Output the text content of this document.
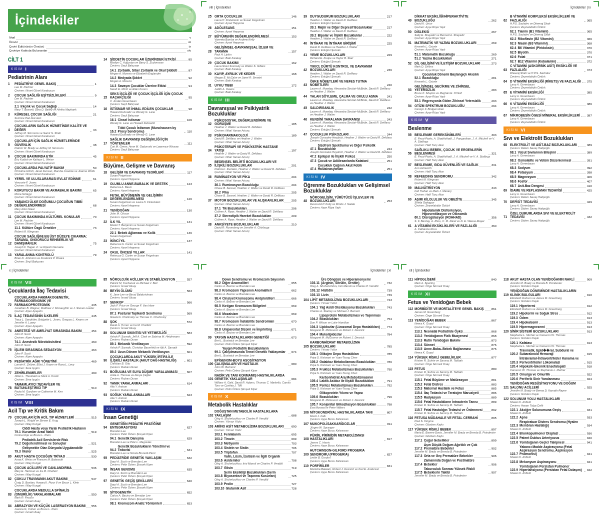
İçindekiler
İthaf	v
Önsöz	vii
Çeviri Editörünün Önsözü	ix
Çeviriye Katkıda Bulunanlar	xlv
CİLT 1
KISIM I
Pediatrinin Alanı
1 PEDİATRİYE GENEL BAKIŞ	1
Lee M. Pachter
Çeviren: Nimet Günel Karabucun
2 ÇOCUK SAĞLIĞI EŞİTSİZLİKLERİ	9
Lee M. Pachter
Çeviren: Nimet Günel Karabucun
2.1 Irkçılık ve Çocuk Sağlığı	14
Mary T. Bassett, Dina D. Bailey ve Aletha Maybank
3 KÜRESEL ÇOCUK SAĞLIĞI	21
Suzinne Pak-Gorstein
Çeviren: Nimet Günel Karabucun
4
ÇOCUKLARIN SAĞLIK HİZMETİNDE KALİTE VE DEĞER	33
Jeffrey M. Simmons ve Samir S. Shah
Çeviren: Nimet Günel Karabucun
5
ÇOCUKLAR İÇİN SAĞLIK HİZMETLERİNDE GÜVENLİK	38
Patrick W. Brady ve Jeffrey M. Simmons
Çeviren: Nimet Günel Karabucun
6 ÇOCUK BAKIMINDA ETİK	45
Eric Kodish ve Kathryn L. Weise
Çeviren: Nimet Günel Karabucun
7 ÇOCUKLARDA PALYATİF BAKIM	50
Christina Ullrich, Janet Duncan, Marsha Joselow ve Joanne Wolfe
Çeviren: Nimet Günel Karabucun
8 YEREL VE ULUSLARARASI EVLAT EDİNME 61
Veronnie F. Jones
Çeviren: Nimet Günel Karabucun
9 KORUYUCU BAKIM VE AKRABALIK BAKIMI 65
Moira Szilagyi
Çeviren: Nimet Günel Karabucun
10
YABANCI ÜLKE DOĞUMLU ÇOCUĞUN TIBBİ DEĞERLENDİRMESİ	68
Mary Allen Staat
Çeviren: Nimet Günel Karabucun
11 ÇOCUK BAKIMINDA KÜLTÜREL KONULAR 70
Lee M. Pachter
Çeviren: Nimet Günel Karabucun
11.1 Kültüre Özgü Örnekler	73
Robert M. Kliegman
12
ÇOCUK SAĞLIĞINI EN ÜST DÜZEYE ÇIKARMA: TARAMA, ÖNGÖRÜCÜ REHBERLİK VE DANIŞMANLIK	75
Joseph F. Hagan Jr. ve Dipesh Navsaria
Çeviren: Nimet Günel Karabucun
13 YARALANMA KONTROLÜ	79
Brian D. Johnston ve Frederick P. Rivara
Çeviren: Seçil Bahçıvan
14 ŞİDDETİN ÇOCUKLAR ÜZERİNDEKİ ETKİSİ 85
Marilyn C. Augustyn ve Barry S. Zuckerman
Çeviren: Seçil Bahçıvan
14.1 Zorbalık, Siber Zorbalık ve Okul Şiddeti 87
Megan A. Moreno ve Elizabeth Englander
14.2 Medyada Şiddet	92
Megan A. Moreno
14.3 Savaşın Çocuklar Üzerine Etkisi	94
Sarah E. Mintz ve Eitan Kerem
15
SEKS İŞÇİLİĞİ VE ÇOCUK İŞÇİLİĞİ İÇİN ÇOCUK KAÇAKÇILIĞI	95
V. Jordan Greenbaum
Çeviren: Seçil Bahçıvan
16 İSTİSMAR VE İHMAL EDİLEN ÇOCUKLAR 98
Howard Dubowitz ve Wendy G. Lane
Çeviren: Seçil Bahçıvan
16.1 Cinsel İstismar	106
Wendy G. Lane ve Howard Dubowitz
16.2
Tıbbi Çocuk İstismarı (Munchausen by Proxy Sendromu)	110
Howard Dubowitz ve Wendy G. Lane
17
SAĞLIK DAVRANIŞI DEĞİŞİKLİĞİ İÇİN YÖNTEMLER	111
Cori M. Green, Anne M. Gadomski ve Lawrence Wissow
Çeviren: Seçil Bahçıvan
KISIM II
Büyüme, Gelişme ve Davranış
18 GELİŞİM VE DAVRANIŞ TEORİLERİ	117
Susan Feigelman
Çeviren: Aysel Hepyena
19 OLUMLU ANNE-BABALIK VE DESTEK	123
Rebecca A. Baum
Çeviren: Aysel Hepyena
20
FETAL BÜYÜMENİN VE GELİŞİMİN DEĞERLENDİRİLMESİ	126
Susan Feigelman ve Laura N. Finkelstein
Çeviren: Aysel Hepyena
21 YENİDOĞAN	130
John M. Olsson
Çeviren: Aysel Hepyena
22 İLK YIL	131
Mariel T. Benjamin ve Susan Feigelman
Çeviren: Aysel Hepyena
22.1 Bebek Ağlaması ve Kolik	136
Susan Feigelman
23 İKİNCİ YIL	137
Rebecca G. Carter ve Susan Feigelman
Çeviren: Aysel Hepyena
24 OKUL ÖNCESİ YILLAR	141
Rebecca G. Carter ve Susan Feigelman
Çeviren: Aysel Hepyena
viii | İçindekiler
25 ORTA ÇOCUKLUK	146
Laura H. Finkelstein ve Susan Feigelman
Çeviren: Aysel Hepyena
26 ADÖLESANS	151
Çeviren: Aysel Hepyena
27 BÜYÜMENİN DEĞERLENDİRİLMESİ	153
Vaneeta Bamba ve Andrew Kelly
Çeviren: Aysel Hepyena
28
GELİŞİMSEL-DAVRANIŞSAL İZLEM VE TARAMA	157
Paul H. Lipkin
Çeviren: Baki Karatay
29 ÇOCUK BAKIMI	162
Laura Stout Sosinsky ve Walter S. Gilliam
Çeviren: Baki Karatay
30 KAYIP, AYRILIK VE KEDER	168
Megan E. McCabe ve Janet R. Serwint
Çeviren: Baki Karatay
31 UYKU TIBBI	172
Judith A. Owens
Çeviren: Baki Karatay
KISIM III
Davranışsal ve Psikiyatrik Bozukluklar
32
PSİKOSOSYAL DEĞERLENDİRME VE GÖRÜŞME	185
Heather J. Walter ve David R. DeMaso
Çeviren: Nihal Yaman Artunç
33 PSİKOFARMAKOLOJİ	189
David R. DeMaso ve Heather J. Walter
Çeviren: Nihal Yaman Artunç
34
PSİKOTERAPİ VE PSİKİYATRİK HASTANE YATIŞI	197
Heather J. Walter ve David R. DeMaso
Çeviren: Nihal Yaman Artunç
35
BEDENSEL BELİRTİ BOZUKLUKLARI VE İLİŞKİLİ BOZUKLUKLAR	201
Patricia I. Ibeziako, Heather J. Walter ve David R. DeMaso
Çeviren: Nihal Yaman Artunç
36 RUMİNASYON VE PİKA	204
Çeviren: Nihal Yaman Artunç
36.1 Ruminasyon Bozukluğu	204
Chase B. Samsel, Heather J. Walter ve David R. DeMaso
36.2 Pika	205
Chase B. Samsel, Heather J. Walter ve David R. DeMaso
37 MOTOR BOZUKLUKLAR VE ALIŞKANLIKLAR 205
Çeviren: Nihal Yaman Artunç
37.1 Tik Bozuklukları	206
Colleen A. Ryan, Heather J. Walter ve David R. DeMaso
37.2 Stereotipik Hareket Bozuklukları	209
Colleen A. Ryan, Heather J. Walter ve David R. DeMaso
38 ANKSİYETE BOZUKLUKLARI	210
David R. Rosenberg ve Jennifer A. Chiriboga
Çeviren: Nihal Yaman Artunç
39 DUYGUDURUM BOZUKLUKLARI	217
Heather J. Walter ve David R. DeMaso
Çeviren: Ertuğrul Şencak
39.1 Majör ve Diğer Depresif Bozukluklar 217
Heather J. Walter ve David R. DeMaso
39.2 Bipolar ve İlişkili Bozukluklar	222
Heather J. Walter ve David R. DeMaso
40 İNTİHAR VE İNTİHAR GİRİŞİMİ	225
David R. DeMaso ve Heather J. Walter
Çeviren: Ertuğrul Şencak
41 YEME BOZUKLUKLARI	229
Richard E. Kreipe ve Taylor B. Starr
Çeviren: Ertuğrul Şencak
42
YIKICI, DÜRTÜ KONTROL VE DAVRANIM BOZUKLUKLARI	236
Heather J. Walter ve David R. DeMaso
Çeviren: Ertuğrul Şencak
43
ÖFKE NÖBETLERİ VE NEFES TUTMA NÖBETLERİ	240
Lauren A. Mowday, Alexandra Sinclair-McBride, David R. DeMaso ve Heather J. Walter
44 YALAN SÖYLEME, ÇALMA VE OKULU ASMA 241
Lauren A. Mowday, Alexandra Sinclair-McBride, David R. DeMaso ve Heather J. Walter
45 SALDIRGANLIK	242
Lauren A. Mowday, Alexandra Sinclair-McBride, David R. DeMaso ve Heather J. Walter
46 KENDİNİ YARALAMA DAVRANIŞI	243
Lauren A. Mowday, Alexandra Sinclair-McBride, David R. DeMaso ve Heather J. Walter
Çeviren: Ertuğrul Şencak
47 ÇOCUKLUK PSİKOZLARI	244
Joseph Gonzalez-Heydrich, Heather J. Walter ve David R. DeMaso
Çeviren: Ertuğrul Şencak
47.1
Şizofreni Spektrumu ve Diğer Psikotik Bozukluklar	244
Joseph Gonzalez-Heydrich, Heather J. Walter ve David R. DeMaso
47.2 Epilepsi ile İlişkili Psikoz	250
47.3 Çocuk ve Adölesanlarda Katatoni	251
47.4
Çocukluk Çağının Akut Fobik Halüsinasyonları	251
KISIM IV
Öğrenme Bozuklukları ve Gelişimsel Bozukluklar
48
NÖROGELİŞİM, YÜRÜTÜCÜ İŞLEVLER VE BOZUKLUKLARI	253
Desmond P. Kelly ve Mindo J. Natale
Çeviren: Ayşe Rüya Yaylı
İçindekiler | ix
49
DİKKAT EKSİKLİĞİ/HİPERAKTİVİTE BOZUKLUĞU	262
David K. Urion
Çeviren: Ayşe Rüya Yaylı
50 DİSLEKSİ	267
Sally E. Shaywitz ve Bennett A. Shaywitz
Çeviren: Ayşe Rüya Yaylı
51 MATEMATİK VE YAZMA BOZUKLUKLARI 269
Kenneth L. Grizzle
Çeviren: Ayşe Rüya Yaylı
51.1 Matematik Bozukluğu	269
51.2 Yazma Bozuklukları	271
52 DİL GELİŞİMİ VE İLETİŞİM BOZUKLUKLARI 273
Mark D. Simms
Çeviren: Ayşe Rüya Yaylı
52.1
Çocukluk Dönemi Başlangıçlı Akıcılık Bozukluğu	281
Kenneth L. Grizzle
53
GELİŞİMSEL GECİKME VE ZİHİNSEL YETERSİZLİK	283
Bruce K. Shapiro ve Meghan E. O'Neill
Çeviren: Ayşe Rüya Yaylı
53.1 Regresyonla Giden Zihinsel Yetersizlik 293
54 OTİZM SPEKTRUM BOZUKLUĞU	294
Carolyn F. Bridgemohan
Çeviren: Ayşe Rüya Yaylı
KISIM V
Beslenme
55 BESLENME GEREKSİNİMLERİ	303
E. Prout-Parks, A. Shaikhkhalil, J. Panganiban, J. A. Mitchell ve V. A. Stallings
Çeviren: Halil Tunç Akar
56
SAĞLIKLI BEBEK, ÇOCUK VE ERGENLERİN BESLENMESİ	321
E. Prout-Parks, A. Shaikhkhalil, J. A. Mitchell ve V. A. Stallings
Çeviren: Halil Tunç Akar
57 BESLENME, GIDA GÜVENLİĞİ VE SAĞLIK 331
Ann Ashworth
Çeviren: Halil Tunç Akar
58 REFEEDING SENDROMU	342
Robert M. Kliegman
Çeviren: Halil Tunç Akar
59 MALNÜTRİSYON	343
Indi Trehan ve Mark J. Manary
Çeviren: Halil Tunç Akar
60 AŞIRI KİLOLULUK VE OBEZİTE	345
Sheila Gahagan
Çeviren: Zeynelabidin Öztürk
60.1
Hipotalamik Disfonksiyon, Hipoventilasyon ve Otonomik Disregülasyon (ROHHAD)	356
S. F. Barclay, A. Zhou, C. M. Rand ve D. E. Weese-Mayer
61 A VİTAMİNİ EKSİKLİKLERİ VE FAZLALIĞI 360
A. Catharine Ross
Çeviren: Zeynelabidin Öztürk
62
B VİTAMİNİ KOMPLEKSİ EKSİKLİKLERİ VE FAZLALIĞI	365
H.P.S. Sachdev ve Dheeraj Shah
Çeviren: Zeynelabidin Öztürk
62.1 Tiamin (B1 Vitamini)	365
H.P.S. Sachdev ve Dheeraj Shah
62.2 Riboflavin (B2 Vitamini)	366
62.3 Niasin (B3 Vitamini)	368
62.4 B6 Vitamini (Piridoksin)	370
62.5 Biyotin	370
62.6 Folat	371
62.7 B12 Vitamini (Kobalamin)	372
63
C VİTAMİNİ (ASKORBİK ASİT) EKSİKLİĞİ VE FAZLALIĞI	373
Dheeraj Shah ve H.P.S. Sachdev
Çeviren: Zeynelabidin Öztürk
64 D VİTAMİNİ EKSİKLİĞİ (RİKETS) VE FAZLALIĞI 375
Larry A. Greenbaum
Çeviren: Zeynelabidin Öztürk
65 E VİTAMİNİ EKSİKLİĞİ	385
Larry A. Greenbaum
Çeviren: Zeynelabidin Öztürk
66 K VİTAMİNİ EKSİKLİĞİ	386
Larry A. Greenbaum
Çeviren: Zeynelabidin Öztürk
67 MİKROBESİN ÖGESİ MİNERAL EKSİKLİKLERİ 387
Larry A. Greenbaum
Çeviren: Zeynelabidin Öztürk
KISIM VI
Sıvı ve Elektrolit Bozuklukları
68 ELEKTROLİT VE ASİT-BAZ BOZUKLUKLARI 389
Çeviren: Didem Savaş Hatipoğlu
68.1 Vücut Sıvılarının Bileşimi	389
Larry A. Greenbaum
68.2 Osmolalite ve Volüm Düzenlenmesi	391
Larry A. Greenbaum
68.3 Sodyum	392
68.4 Potasyum	398
68.5 Magnezyum	406
68.6 Fosfor	407
68.7 Asit-Baz Dengesi	410
69 İDAME VE REPLASMAN TEDAVİSİ	425
Larry A. Greenbaum
Çeviren: Didem Savaş Hatipoğlu
70 DEFİSİT TEDAVİSİ	429
Larry A. Greenbaum
Çeviren: Didem Savaş Hatipoğlu
71
ÖZEL DURUMLARDA SIVI VE ELEKTROLİT TEDAVİSİ	432
Çeviren: Didem Savaş Hatipoğlu
x | İçindekiler
KISIM VII
Çocuklarda İlaç Tedavisi
72
ÇOCUKLARDA FARMAKOGENETİK, FARMAKOGENOMİK VE FARMAKOPROTEOMİK	435
Jonathan B. Wagner, Matthew J. McLaughlin ve J. Steven Leeder
Çeviren: Alper Apaydın
73 İLAÇ TEDAVİSİNİN İLKELERİ	445
Tracy L. Sandritter, Bridgette L. Jones, Gregory L. Kearns ve Jennifer A. Lowry
Çeviren: Alper Apaydın
74 ANESTEZİ VE AMELİYAT SIRASINDA BAKIM 454
John P. Scott
Çeviren: Alper Apaydın
74.1 Anestezik Nörotoksisitesi	460
John P. Scott
75 İŞLEM SIRASINDA SEDASYON	463
John P. Scott
Çeviren: Alper Apaydın
76 PEDİATRİK AĞRI YÖNETİMİ	469
Lonnie K. Zeltzer, Elliot J. Krane ve Rona L. Levy
Çeviren: Sera Işıgün
77 ZEHİRLENMELER	490
Jillian L. Theobald ve Mark A. Kostic
Çeviren: Sera Işıgün
78
TAMAMLAYICI TEDAVİLER VE BÜTÜNLEŞTİRİCİ TIP	510
Paula M. Gardiner ve Catherine M. Kerr
Çeviren: Sera Işıgün
KISIM VIII
Acil Tıp ve Kritik Bakım
79 ÇOCUKLAR İÇİN ACİL TIP HİZMETLERİ	515
Joseph L. Wright ve Steven E. Krug
Çeviren: Nilay Kuzgal
79.1
Ciddi Hasta veya Yaralı Pediatrik Hastanın Kurumlar Arası Nakli	519
Corina Noje ve Bruce L. Klein
79.2
Pediatrik Acil Servislerde Risk Değerlendirmesi ve Sonuçlar	521
79.3
Gelişmekte Olan Dünyada Uygulanabilir İlkeler	525
80 AKUT HASTA ÇOCUĞUN TRİYAJI	530
Anna K. Weiss ve Frances M. Balamuth
Çeviren: Nilay Kuzgal
81 ÇOCUK ACİLLERİ VE CANLANDIRMA	536
Mary E. Hartman ve Ira M. Cheifetz
Çeviren: Nilay Kuzgal
82 ÇOKLU TRAVMANIN AKUT BAKIMI	547
Craig D. Bastian, Howard I. Pryor II ve Bruce L. Klein
Çeviren: Nilay Kuzgal
83
ÇOCUKLARDA MEDULLA SPİNALİS (OMURİLİK) YARALANMALARI	550
Mark R. Proctor
Çeviren: İsmail Uluay
84 ABRAZYON VE KÜÇÜK LASERASYON BAKIMI 556
Joanna G. Cohen ve Bruce L. Klein
Çeviren: İsmail Uluay
85 NÖROLOJİK ACİLLER VE STABİLİZASYON 557
Patrick M. Kochanek ve Michael J. Bell
Çeviren: İsmail Uluay
86 BEYİN ÖLÜMÜ	563
K. Jane Lee ve Binod Balakrishnan
Çeviren: İsmail Uluay
87 SENKOP	566
Jack F. Price ve George F. Van Hare
Çeviren: İsmail Uluay
87.1 Postural Taşikardi Sendromu	569
Gisela G. Chelimsky ve Thomas C. Chelimsky
88 ŞOK	572
David A. Turner ve Ira M. Cheifetz
Çeviren: İsmail Uluay
89 SOLUNUM SIKINTISI VE YETMEZLİĞİ	583
Ashok P. Sarnaik, Jeff A. Clark ve Sabrina M. Heidemann
Çeviren: Rıdvan Duran
89.1 Mekanik Ventilasyon	592
Ashok P. Sarnaik, Christian Bauerfeld ve Ajit A. Sarnaik
89.2 Uzun Dönem Mekanik Ventilasyon	601
90
ÇOCUKLARDA AKUT YÜKSEK İRTİFA İLE İLİŞKİLİ HASTALIK (AKUT DAĞ HASTALIĞI)	601
Christian B. Otto
Çeviren: Rıdvan Duran
91 BOĞULMA VE SUYA DÜŞME YARALANMASI 607
Anita A. Thomas ve Derya Çağlar
Çeviren: Rıdvan Duran
92 YANIK YARALANMALARI	614
Alia Y. Antoon
Çeviren: Rıdvan Duran
93 SOĞUK YARALANMALARI	623
Alia Y. Antoon
Çeviren: Rıdvan Duran
KISIM IX
İnsan Genetiği
94
GENETİĞİN PEDİATRİ PRATİĞİNE ENTEGRASYONU	627
Brendan Lee
Çeviren: Pelin Özlem Şimşek Kiper
94.1 Genetik Danışma	629
Brendan Lee ve Pilar L. Magoulas
94.2
Genetik Bozuklukların Yönetimi ve Tedavisi	631
Brendan Lee ve Nicola Brunetti-Pierri
95 PEDİATRİDE GENETİK YAKLAŞIM	632
Daryl A. Scott ve Brendan Lee
Çeviren: Pelin Özlem Şimşek Kiper
96 İNSAN GENOMU	635
Daryl A. Scott ve Brendan Lee
Çeviren: Pelin Özlem Şimşek Kiper
97 GENETİK GEÇİŞ ŞEKİLLERİ	640
Daryl A. Scott ve Brendan Lee
Çeviren: Pelin Özlem Şimşek Kiper
98 SİTOGENETİK	652
Carlos A. Bacino ve Brendan Lee
Çeviren: Pelin Özlem Şimşek Kiper
98.1 Kromozom Analiz Yöntemleri	653
İçindekiler | xi
98.2
Down Sendromu ve Kromozom Sayısının Diğer Anomalileri	655
Carlos A. Bacino ve Brendan Lee
98.3 Kromozom Yapısının Anomalileri	662
Carlos A. Bacino ve Brendan Lee
98.4 Cinsiyet Kromozomu Anöploidileri	666
Carlos A. Bacino ve Brendan Lee
98.5 Kırılgan Kromozom Bölgeleri	669
Carlos A. Bacino ve Brendan Lee
98.6 Mozaisizm	669
Carlos A. Bacino ve Brendan Lee
98.7 Kromozom İnstabilite Sendromları	670
Carlos A. Bacino ve Brendan Lee
98.8 Uniparental Dizomi ve İmprinting	671
Carlos A. Bacino ve Brendan Lee
99 YAYGIN HASTALIKLARIN GENETİĞİ	673
Bret L. Bostwick ve Brendan Lee
Çeviren: Pelin Özlem Şimşek Kiper
99.1
Yaygın Pediatrik Bozuklukların Çalışılmasında Temel Genetik Yaklaşımlar 674
Bret L. Bostwick ve Brendan Lee
100
EPİGENOM-BOYU ASOSİYASYON ÇALIŞMALARI VE HASTALIK	680
John W. Belmont
Çeviren: Pelin Özlem Şimşek Kiper
101
NADİR VE TANI KONMAMIŞ HASTALIKLARDA GENETİK YAKLAŞIMLAR	684
William A. Gahl, David R. Adams, Thomas C. Markello, Camilo Toro ve Cynthia J. Tifft
Çeviren: Pelin Özlem Şimşek Kiper
KISIM X
Metabolik Hastalıklar
102
DOĞUŞTAN METABOLİK HASTALIKLARA YAKLAŞIM	688
Oleg A. Shchelochkov ve Charles P. Venditti
Çeviren: Yılmaz Yıldız
103 AMİNO ASİT METABOLİZMA BOZUKLUKLARI 690
Çeviren: Yılmaz Yıldız
103.1 Fenilalanin	695
103.2 Tirozin	699
103.3 Metiyonin	703
103.4 Sistein ve Sistin	706
103.5 Triptofan	707
103.6
Valin, Lösin, İzolösin ve İlgili Organik Asidemiler	708
Oleg A. Shchelochkov, Irini Manoli ve Charles P. Venditti
103.7 Glisin	719
103.8
Serin Eksikliği Bozuklukları (Serin Biyosentezi ve Taşınma Kusurları)	725
Oleg A. Shchelochkov ve Charles P. Venditti
103.9 Prolin	727
103.10 Glutamik Asit	728
103.11
Üre Döngüsü ve Hiperamonyemi (Arginin, Sitrülin, Ornitin)	732
Oleg A. Shchelochkov, Irini Manoli ve Charles P. Venditti
103.12 Histidin	739
103.13 Lizin	739
104 LİPİT METABOLİZMA BOZUKLUKLARI	743
Çeviren: Yılmaz Yıldız
104.1 Yağ Asidi Oksidasyonu Bozuklukları 743
Charles A. Stanley ve Michael J. Bennett
104.2
Lipoprotein Metabolizması ve Taşınması Bozuklukları	754
Don P. Wilson ve Luke Hamilton
104.3 Lipidozlar (Lizozomal Depo Hastalıkları) 774
Margaret M. McGovern ve Robert J. Desnick
104.4 Mukolipidozlar	784
Margaret M. McGovern ve Robert J. Desnick
105
KARBONHİDRAT METABOLİZMA BOZUKLUKLARI	785
Çeviren: Yılmaz Yıldız
105.1 Glikojen Depo Hastalıkları	785
Priya S. Kishnani ve Yuan-Tsong Chen
105.2 Galaktoz Metabolizması Bozuklukları 786
Priya S. Kishnani ve Yuan-Tsong Chen
105.3 Fruktoz Metabolizması Bozuklukları 790
Priya S. Kishnani ve Yuan-Tsong Chen
105.4
Karbonhidrat Ara Metabolizmasının Laktik Asidoz ile İlişkili Bozuklukları	791
105.5 Pentoz Metabolizması Bozuklukları 792
Priya S. Kishnani ve Yuan-Tsong Chen
105.6
Glikoprotein Yıkımı ve Yapısı Bozuklukları	796
Margaret M. McGovern ve Robert J. Desnick
105.7 Konjenital Glikozilasyon Bozuklukları 798
Eva Morava ve Peter Witters
106 MİTOKONDRİYAL HASTALIKLARDA TANI 807
Marni J. Falk
Çeviren: Ayşe Burcu Kahraman
107 MUKOPOLİSAKKARİDOZLAR	811
Jürgen W. Spranger
Çeviren: Ayşe Burcu Kahraman
108
PÜRİN, PİRİMİDİN METABOLİZMASI HASTALIKLARI	817
James C. Harris
Çeviren: Ayşe Burcu Kahraman
109
HUTCHINSON-GILFORD PROGERIA SENDROMU (PROGERIA)	827
Leslie B. Gordon
Çeviren: Ayşe Burcu Kahraman
110 PORFİRİLER	831
Manisha Balwani, Robert J. Desnick ve Karl E. Anderson
Çeviren: Ayşe Burcu Kahraman
xii | İçindekiler
111 HİPOGLİSEMİ	840
Mark A. Sperling
Çeviren: Özge Sürmeli Onay
KISIM XI
Fetus ve Yenidoğan Bebek
112 MORBİDİTE VE MORTALİTEYE GENEL BAKIŞ 861
James M. Greenberg
Çeviren: Özge Sürmeli Onay
113 YENİDOĞAN BEBEK	867
Neera K. Goyal
Çeviren: Özge Sürmeli Onay
113.1 Neonatal Pediatride Öykü	868
113.2 Yenidoğanın Fizik Muayenesi	868
113.3 Rutin Yenidoğan Bakımı	873
113.4 Sünnet	876
113.5 Anne-Baba–Bebek Bağlanması	876
Neera K. Goyal
114 YÜKSEK RİSKLİ GEBELİKLER	877
Kristen R. Suhrie ve Sammy M. Tabbah
Çeviren: Özge Sürmeli Onay
115 FETUS	880
Kristen R. Suhrie ve Sammy M. Tabbah
Çeviren: Özge Sürmeli Onay
115.1 Fetal Büyüme ve Matürasyon	881
115.2 Fetal Distres	883
115.3 Maternal Hastalık ve Fetus	885
115.4 İlaç Tedavisi ve Teratojen Maruziyeti 886
115.5 Radyasyon	889
115.6 Fetal Hastalıkların İntrauterin Tanısı 889
Kristen R. Suhrie ve Sammy M. Tabbah
115.7 Fetal Hastalığın Tedavisi ve Önlenmesi 892
Kristen R. Suhrie ve Sammy M. Tabbah
116 FETUSA MÜDAHALE VE FETAL CERRAHİ 895
Paul S. Kingma
Çeviren: Gözdem Kaykı
117 YÜKSEK RİSKLİ BEBEK	897
Maria E. Barnes-Davis, Jennifer M. Brady ve Brenda B. Poindexter
Çeviren: Gözdem Kaykı
117.1 Çoğul Gebelikler	899
117.2
Aşırı Düşük Doğum Ağırlıklı ve Çok Prematüre Bebekler	902
Jennifer M. Brady ve Brenda B. Poindexter
117.3 Orta ve Geç Prematüre Bebekler	906
117.4
Zamanında Doğan ve Postmatüre Bebekler	906
117.5
Taburculuk Sonrası Yüksek Riskli Bebeklerin Takibi	907
Jennifer M. Brady ve Brenda B. Poindexter
118 AKUT HASTA OLAN YENİDOĞANIN NAKLİ 909
Jennifer M. Brady ve Brenda B. Poindexter
Çeviren: Gözdem Kaykı
119
YENİDOĞAN DÖNEMİNDE HASTALIKLARIN KLİNİK BULGULARI	910
Elizabeth Dobson ve James M. Greenberg
Çeviren: Gözdem Kaykı
119.1 Hipertermi	912
Elizabeth Dobson ve James M. Greenberg
119.2 Hipotermi ve Soğuk Stres	912
119.3 Ödem	913
119.4 Hipokalsemi	913
119.5 Hipermagnezemi	913
120 SİNİR SİSTEMİ BOZUKLUKLARI	913
Stephanie L. Merhar ve Cameron W. Thomas
Çeviren: Gözdem Kaykı
120.1 Kafatası	913
Stephanie L. Merhar ve Cameron W. Thomas
120.2
Travmatik, Epid��ral, Subdural ve Subaraknoid Hemoraji	915
120.3
İntrakranial-İntraventriküler Kanama ve Periventriküler Lökomalazi	915
120.4 Hipoksik-İskemik Ensefalopati	918
Cameron W. Thomas ve Stephanie L. Merhar
120.5 Omurga ve Omurilik	922
120.6 Periferik Sinir Yaralanması	924
121
YENİDOĞAN RESÜSİTASYONU VE DOĞUM SALONU ACİLLERİ	925
Jennifer M. Brady ve Beena D. Kamath-Rayne
Çeviren: Gözdem Kaykı
122 SOLUNUM YOLU HASTALIKLARI	931
Shawn K. Ahlfeld
Çeviren: Hasan Tolga Çelik
122.1 Akciğer Solunumuna Geçiş	931
Shawn K. Ahlfeld
122.2 Apne	933
122.3
Respiratuar Distres Sendromu (Hyalen Membran Hastalığı)	934
Shawn K. Ahlfeld
122.4 Bronkopulmoner Displazi	936
122.5 Patent Duktus Arteriyozus	940
122.6 Yenidoğanın Geçici Takipnesi	941
122.7
Yabancı Madde Aspirasyonu (Fetal Aspirasyon Sendromu, Aspirasyon Pnömonisi)	941
Shawn K. Ahlfeld
122.8 Mekonyum Aspirasyonu	941
122.9
Yenidoğanın Persistan Pulmoner Hipertansiyonu (Persistan Fetal Dolaşım) 942
Shawn K. Ahlfeld
